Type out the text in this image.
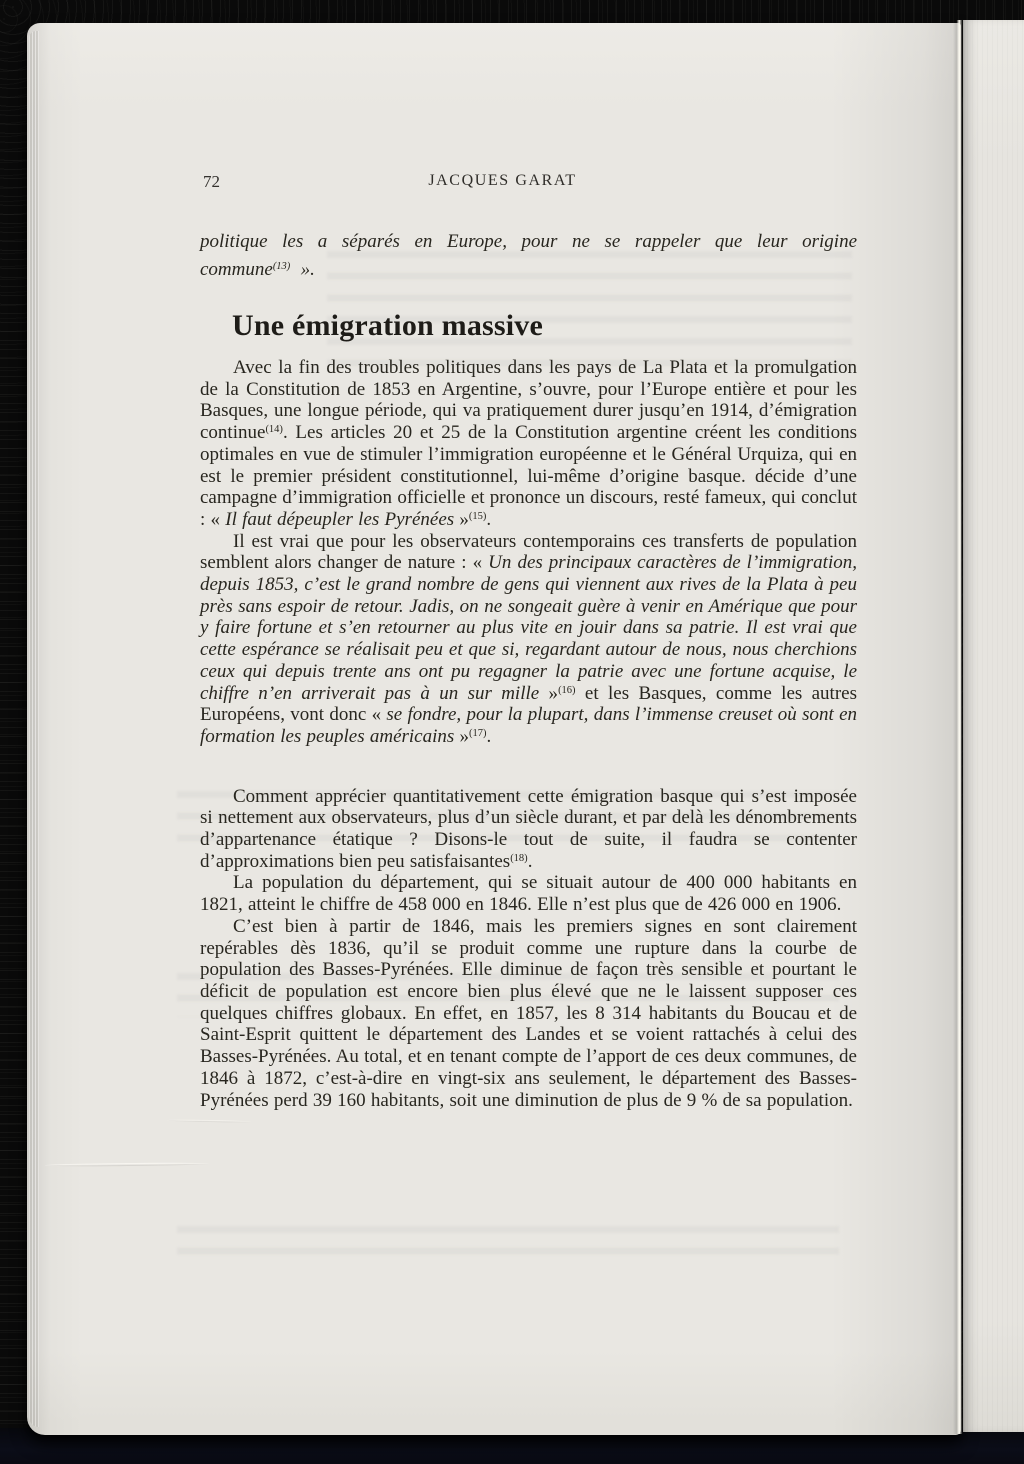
72	JACQUES GARAT

politique les a séparés en Europe, pour ne se rappeler que leur origine commune$^{(13)}$ ».

Une émigration massive

Avec la fin des troubles politiques dans les pays de La Plata et la promulgation de la Constitution de 1853 en Argentine, s’ouvre, pour l’Europe entière et pour les Basques, une longue période, qui va pratiquement durer jusqu’en 1914, d’émigration continue$^{(14)}$. Les articles 20 et 25 de la Constitution argentine créent les conditions optimales en vue de stimuler l’immigration européenne et le Général Urquiza, qui en est le premier président constitutionnel, lui-même d’origine basque. décide d’une campagne d’immigration officielle et prononce un discours, resté fameux, qui conclut : « Il faut dépeupler les Pyrénées »$^{(15)}$.

Il est vrai que pour les observateurs contemporains ces transferts de population semblent alors changer de nature : « Un des principaux caractères de l’immigration, depuis 1853, c’est le grand nombre de gens qui viennent aux rives de la Plata à peu près sans espoir de retour. Jadis, on ne songeait guère à venir en Amérique que pour y faire fortune et s’en retourner au plus vite en jouir dans sa patrie. Il est vrai que cette espérance se réalisait peu et que si, regardant autour de nous, nous cherchions ceux qui depuis trente ans ont pu regagner la patrie avec une fortune acquise, le chiffre n’en arriverait pas à un sur mille »$^{(16)}$ et les Basques, comme les autres Européens, vont donc « se fondre, pour la plupart, dans l’immense creuset où sont en formation les peuples américains »$^{(17)}$.

Comment apprécier quantitativement cette émigration basque qui s’est imposée si nettement aux observateurs, plus d’un siècle durant, et par delà les dénombrements d’appartenance étatique ? Disons-le tout de suite, il faudra se contenter d’approximations bien peu satisfaisantes$^{(18)}$.

La population du département, qui se situait autour de 400 000 habitants en 1821, atteint le chiffre de 458 000 en 1846. Elle n’est plus que de 426 000 en 1906.

C’est bien à partir de 1846, mais les premiers signes en sont clairement repérables dès 1836, qu’il se produit comme une rupture dans la courbe de population des Basses-Pyrénées. Elle diminue de façon très sensible et pourtant le déficit de population est encore bien plus élevé que ne le laissent supposer ces quelques chiffres globaux. En effet, en 1857, les 8 314 habitants du Boucau et de Saint-Esprit quittent le département des Landes et se voient rattachés à celui des Basses-Pyrénées. Au total, et en tenant compte de l’apport de ces deux communes, de 1846 à 1872, c’est-à-dire en vingt-six ans seulement, le département des Basses-Pyrénées perd 39 160 habitants, soit une diminution de plus de 9 % de sa population.
